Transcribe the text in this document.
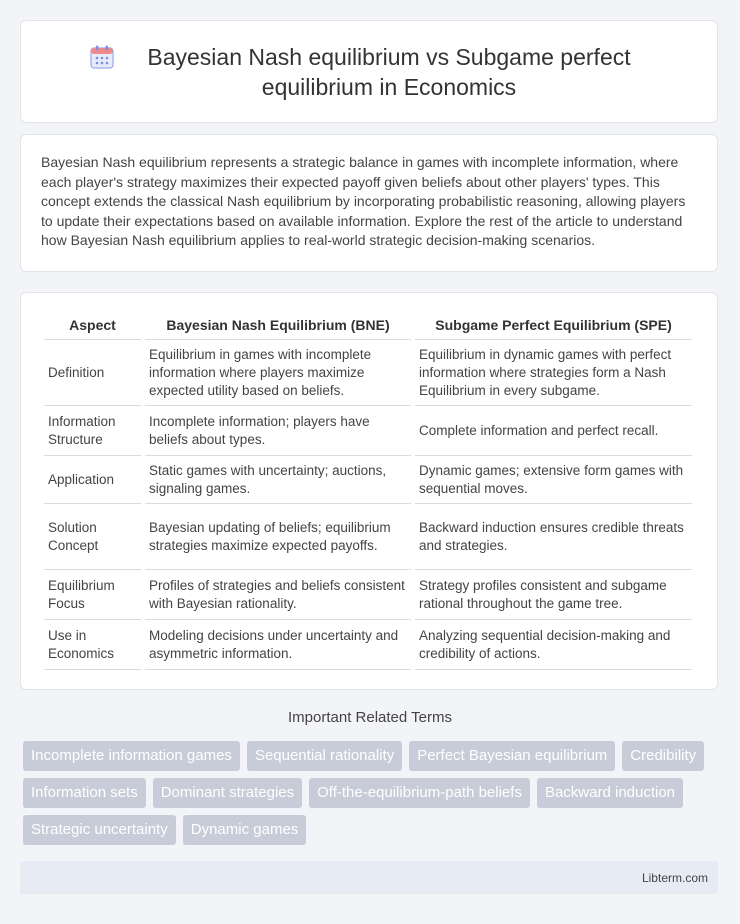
Bayesian Nash equilibrium vs Subgame perfect equilibrium in Economics

Bayesian Nash equilibrium represents a strategic balance in games with incomplete information, where each player's strategy maximizes their expected payoff given beliefs about other players' types. This concept extends the classical Nash equilibrium by incorporating probabilistic reasoning, allowing players to update their expectations based on available information. Explore the rest of the article to understand how Bayesian Nash equilibrium applies to real-world strategic decision-making scenarios.

Aspect	Bayesian Nash Equilibrium (BNE)	Subgame Perfect Equilibrium (SPE)
Definition	Equilibrium in games with incomplete information where players maximize expected utility based on beliefs.	Equilibrium in dynamic games with perfect information where strategies form a Nash Equilibrium in every subgame.
Information Structure	Incomplete information; players have beliefs about types.	Complete information and perfect recall.
Application	Static games with uncertainty; auctions, signaling games.	Dynamic games; extensive form games with sequential moves.
Solution Concept	Bayesian updating of beliefs; equilibrium strategies maximize expected payoffs.	Backward induction ensures credible threats and strategies.
Equilibrium Focus	Profiles of strategies and beliefs consistent with Bayesian rationality.	Strategy profiles consistent and subgame rational throughout the game tree.
Use in Economics	Modeling decisions under uncertainty and asymmetric information.	Analyzing sequential decision-making and credibility of actions.
Important Related Terms
Incomplete information games	Sequential rationality	Perfect Bayesian equilibrium	Credibility
Information sets	Dominant strategies	Off-the-equilibrium-path beliefs	Backward induction
Strategic uncertainty	Dynamic games
Libterm.com
